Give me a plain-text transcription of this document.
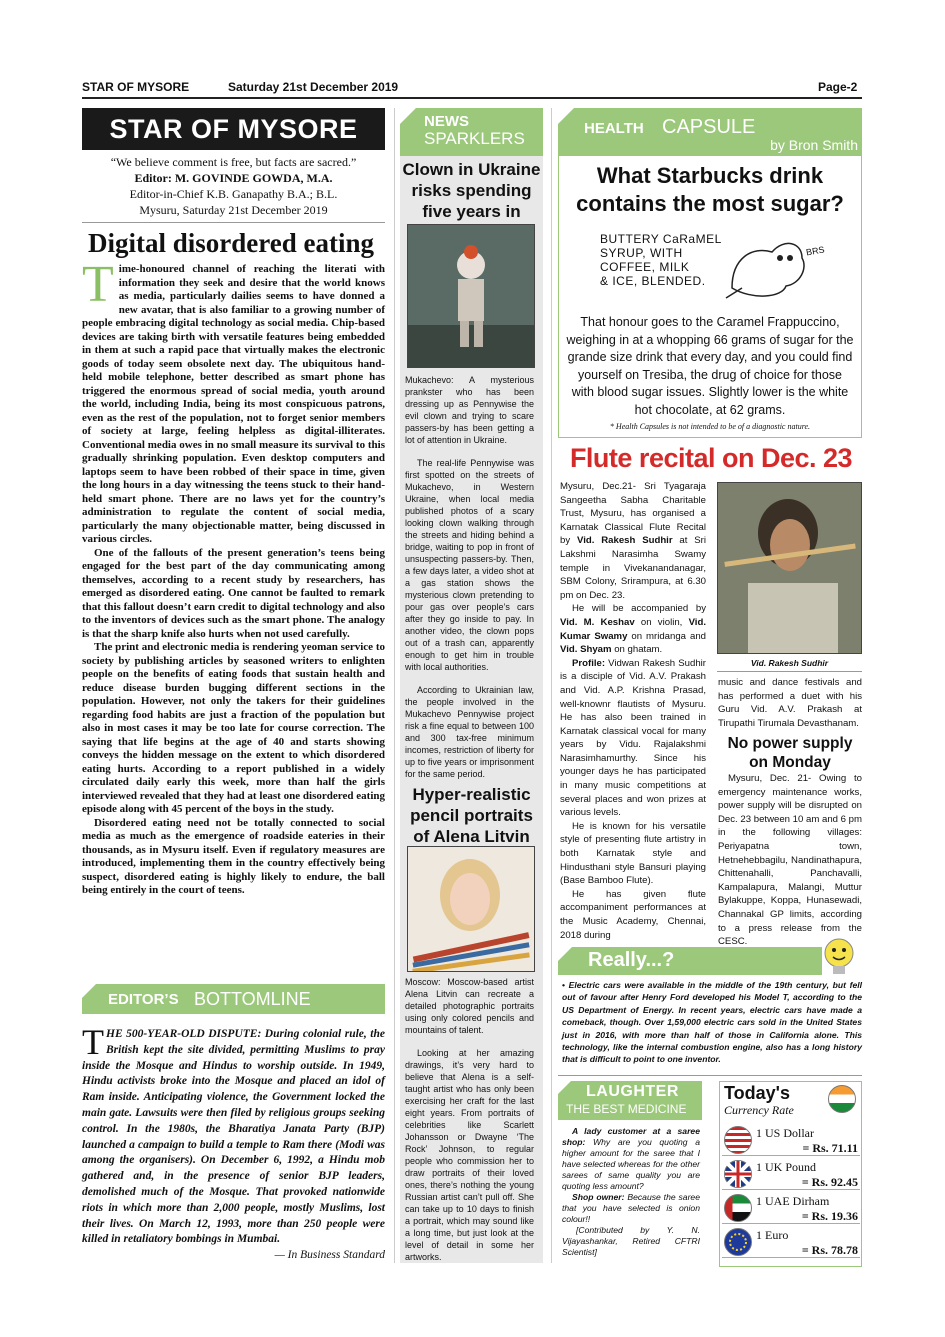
STAR OF MYSORE	Saturday 21st December 2019	Page-2
STAR OF MYSORE
“We believe comment is free, but facts are sacred.”
Editor: M. GOVINDE GOWDA, M.A.
Editor-in-Chief K.B. Ganapathy B.A.; B.L.
Mysuru, Saturday 21st December 2019
Digital disordered eating

Time-honoured channel of reaching the literati with information they seek and desire that the world knows as media, particularly dailies seems to have donned a new avatar, that is also familiar to a growing number of people embracing digital technology as social media. Chip-based devices are taking birth with versatile features being embedded in them at such a rapid pace that virtually makes the electronic goods of today seem obsolete next day. The ubiquitous hand-held mobile telephone, better described as smart phone has triggered the enormous spread of social media, youth around the world, including India, being its most conspicuous patrons, even as the rest of the population, not to forget senior members of society at large, feeling helpless as digital-illiterates. Conventional media owes in no small measure its survival to this gradually shrinking population. Even desktop computers and laptops seem to have been robbed of their space in time, given the long hours in a day witnessing the teens stuck to their hand-held smart phone. There are no laws yet for the country’s administration to regulate the content of social media, particularly the many objectionable matter, being discussed in various circles.

One of the fallouts of the present generation’s teens being engaged for the best part of the day communicating among themselves, according to a recent study by researchers, has emerged as disordered eating. One cannot be faulted to remark that this fallout doesn’t earn credit to digital technology and also to the inventors of devices such as the smart phone. The analogy is that the sharp knife also hurts when not used carefully.

The print and electronic media is rendering yeoman service to society by publishing articles by seasoned writers to enlighten people on the benefits of eating foods that sustain health and reduce disease burden bugging different sections in the population. However, not only the takers for their guidelines regarding food habits are just a fraction of the population but also in most cases it may be too late for course correction. The saying that life begins at the age of 40 and starts showing conveys the hidden message on the extent to which disordered eating hurts. According to a report published in a widely circulated daily early this week, more than half the girls interviewed revealed that they had at least one disordered eating episode along with 45 percent of the boys in the study.

Disordered eating need not be totally connected to social media as much as the emergence of roadside eateries in their thousands, as in Mysuru itself. Even if regulatory measures are introduced, implementing them in the country effectively being suspect, disordered eating is highly likely to endure, the ball being entirely in the court of teens.

EDITOR’S BOTTOMLINE
THE 500-YEAR-OLD DISPUTE: During colonial rule, the British kept the site divided, permitting Muslims to pray inside the Mosque and Hindus to worship outside. In 1949, Hindu activists broke into the Mosque and placed an idol of Ram inside. Anticipating violence, the Government locked the main gate. Lawsuits were then filed by religious groups seeking control. In the 1980s, the Bharatiya Janata Party (BJP) launched a campaign to build a temple to Ram there (Modi was among the organisers). On December 6, 1992, a Hindu mob gathered and, in the presence of senior BJP leaders, demolished much of the Mosque. That provoked nationwide riots in which more than 2,000 people, mostly Muslims, lost their lives. On March 12, 1993, more than 250 people were killed in retaliatory bombings in Mumbai.
— In Business Standard
NEWS
SPARKLERS
Clown in Ukraine risks spending five years in

Mukachevo: A mysterious prankster who has been dressing up as Pennywise the evil clown and trying to scare passers-by has been getting a lot of attention in Ukraine.

The real-life Pennywise was first spotted on the streets of Mukachevo, in Western Ukraine, when local media published photos of a scary looking clown walking through the streets and hiding behind a bridge, waiting to pop in front of unsuspecting passers-by. Then, a few days later, a video shot at a gas station shows the mysterious clown pretending to pour gas over people’s cars after they go inside to pay. In another video, the clown pops out of a trash can, apparently enough to get him in trouble with local authorities.

According to Ukrainian law, the people involved in the Mukachevo Pennywise project risk a fine equal to between 100 and 300 tax-free minimum incomes, restriction of liberty for up to five years or imprisonment for the same period.

Hyper-realistic pencil portraits of Alena Litvin

Moscow: Moscow-based artist Alena Litvin can recreate a detailed photographic portraits using only colored pencils and mountains of talent.

Looking at her amazing drawings, it’s very hard to believe that Alena is a self-taught artist who has only been exercising her craft for the last eight years. From portraits of celebrities like Scarlett Johansson or Dwayne ‘The Rock’ Johnson, to regular people who commission her to draw portraits of their loved ones, there’s nothing the young Russian artist can’t pull off. She can take up to 10 days to finish a portrait, which may sound like a long time, but just look at the level of detail in some her artworks.

HEALTH CAPSULE
by Bron Smith
What Starbucks drink contains the most sugar?
BUTTERY CaRaMEL
SYRUP, WITH
COFFEE, MILK
& ICE, BLENDED.
BRS
That honour goes to the Caramel Frappuccino, weighing in at a whopping 66 grams of sugar for the grande size drink that every day, and you could find yourself on Tresiba, the drug of choice for those with blood sugar issues. Slightly lower is the white hot chocolate, at 62 grams.
* Health Capsules is not intended to be of a diagnostic nature.
Flute recital on Dec. 23

Mysuru, Dec.21- Sri Tyagaraja Sangeetha Sabha Charitable Trust, Mysuru, has organised a Karnatak Classical Flute Recital by Vid. Rakesh Sudhir at Sri Lakshmi Narasimha Swamy temple in Vivekanandanagar, SBM Colony, Srirampura, at 6.30 pm on Dec. 23.

He will be accompanied by Vid. M. Keshav on violin, Vid. Kumar Swamy on mridanga and Vid. Shyam on ghatam.

Profile: Vidwan Rakesh Sudhir is a disciple of Vid. A.V. Prakash and Vid. A.P. Krishna Prasad, well-knownr flautists of Mysuru. He has also been trained in Karnatak classical vocal for many years by Vidu. Rajalakshmi Narasimhamurthy. Since his younger days he has participated in many music competitions at several places and won prizes at various levels.

He is known for his versatile style of presenting flute artistry in both Karnatak style and Hindusthani style Bansuri playing (Base Bamboo Flute).

He has given flute accompaniment performances at the Music Academy, Chennai, 2018 during

Vid. Rakesh Sudhir
music and dance festivals and has performed a duet with his Guru Vid. A.V. Prakash at Tirupathi Tirumala Devasthanam.
No power supply on Monday
Mysuru, Dec. 21- Owing to emergency maintenance works, power supply will be disrupted on Dec. 23 between 10 am and 6 pm in the following villages: Periyapatna town, Hetnehebbagilu, Nandinathapura, Chittenahalli, Panchavalli, Kampalapura, Malangi, Muttur Bylakuppe, Koppa, Hunasewadi, Channakal GP limits, according to a press release from the CESC.
Really...?
• Electric cars were available in the middle of the 19th century, but fell out of favour after Henry Ford developed his Model T, according to the US Department of Energy. In recent years, electric cars have made a comeback, though. Over 1,59,000 electric cars sold in the United States just in 2016, with more than half of those in California alone. This technology, like the internal combustion engine, also has a long history that is difficult to point to one inventor.
LAUGHTER
THE BEST MEDICINE

A lady customer at a saree shop: Why are you quoting a higher amount for the saree that I have selected whereas for the other sarees of same quality you are quoting less amount?

Shop owner: Because the saree that you have selected is onion colour!!

[Contributed by Y. N. Vijayashankar, Retired CFTRI Scientist]

Today's
Currency Rate
1 US Dollar
= Rs. 71.11
1 UK Pound
= Rs. 92.45
1 UAE Dirham
= Rs. 19.36
1 Euro
= Rs. 78.78
